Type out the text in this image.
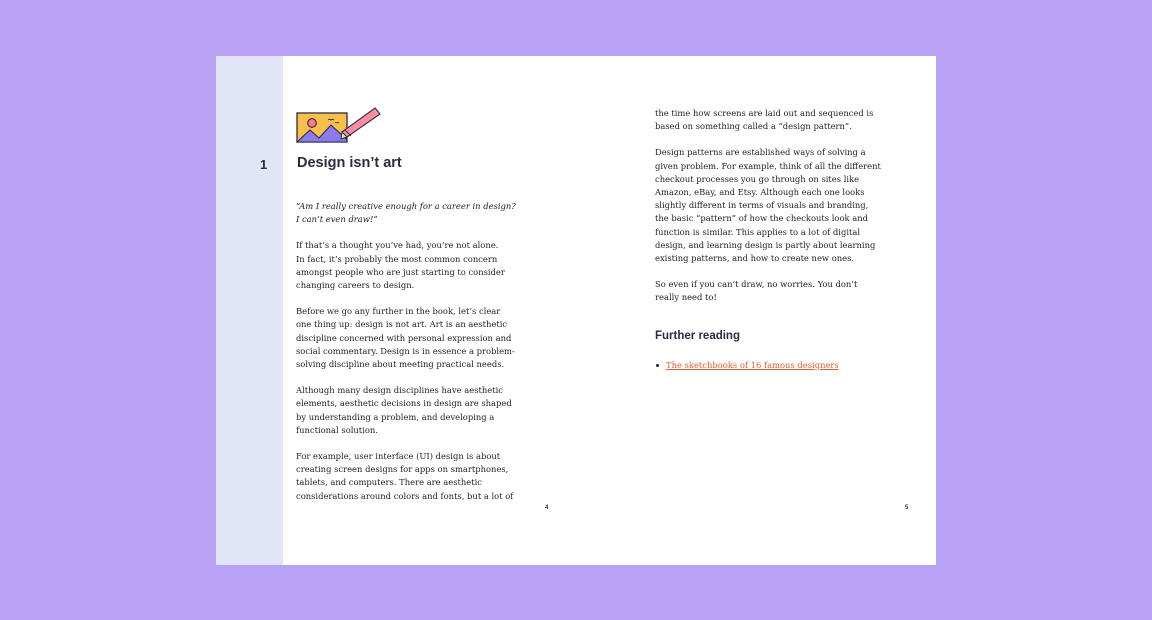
1 Design isn’t art

“Am I really creative enough for a career in design?
I can’t even draw!”

If that’s a thought you’ve had, you’re not alone.
In fact, it’s probably the most common concern
amongst people who are just starting to consider
changing careers to design.

Before we go any further in the book, let’s clear
one thing up: design is not art. Art is an aesthetic
discipline concerned with personal expression and
social commentary. Design is in essence a problem-
solving discipline about meeting practical needs.

Although many design disciplines have aesthetic
elements, aesthetic decisions in design are shaped
by understanding a problem, and developing a
functional solution.

For example, user interface (UI) design is about
creating screen designs for apps on smartphones,
tablets, and computers. There are aesthetic
considerations around colors and fonts, but a lot of

the time how screens are laid out and sequenced is
based on something called a “design pattern”.

Design patterns are established ways of solving a
given problem. For example, think of all the different
checkout processes you go through on sites like
Amazon, eBay, and Etsy. Although each one looks
slightly different in terms of visuals and branding,
the basic “pattern” of how the checkouts look and
function is similar. This applies to a lot of digital
design, and learning design is partly about learning
existing patterns, and how to create new ones.

So even if you can’t draw, no worries. You don’t
really need to!

Further reading
The sketchbooks of 16 famous designers
4	5
